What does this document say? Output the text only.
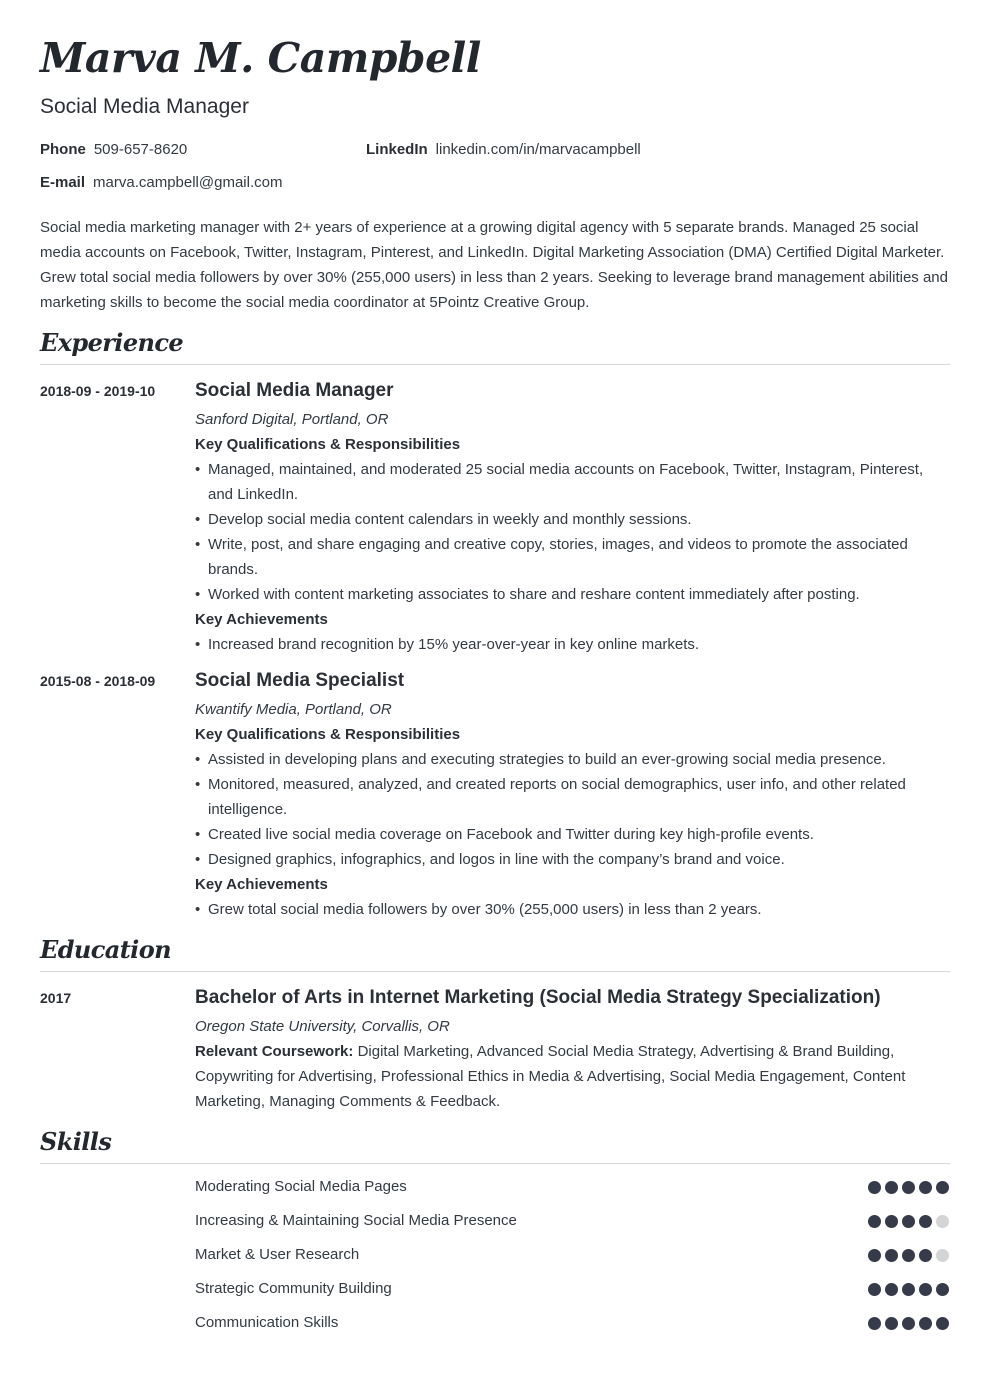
Marva M. Campbell
Social Media Manager
Phone 509-657-8620	LinkedIn linkedin.com/in/marvacampbell
E-mail marva.campbell@gmail.com
Social media marketing manager with 2+ years of experience at a growing digital agency with 5 separate brands. Managed 25 social media accounts on Facebook, Twitter, Instagram, Pinterest, and LinkedIn. Digital Marketing Association (DMA) Certified Digital Marketer. Grew total social media followers by over 30% (255,000 users) in less than 2 years. Seeking to leverage brand management abilities and marketing skills to become the social media coordinator at 5Pointz Creative Group.
Experience
2018-09 - 2019-10 Social Media Manager
Sanford Digital, Portland, OR
Key Qualifications & Responsibilities
• Managed, maintained, and moderated 25 social media accounts on Facebook, Twitter, Instagram, Pinterest, and LinkedIn.
• Develop social media content calendars in weekly and monthly sessions.
• Write, post, and share engaging and creative copy, stories, images, and videos to promote the associated brands.
• Worked with content marketing associates to share and reshare content immediately after posting.
Key Achievements
• Increased brand recognition by 15% year-over-year in key online markets.
2015-08 - 2018-09 Social Media Specialist
Kwantify Media, Portland, OR
Key Qualifications & Responsibilities
• Assisted in developing plans and executing strategies to build an ever-growing social media presence.
• Monitored, measured, analyzed, and created reports on social demographics, user info, and other related intelligence.
• Created live social media coverage on Facebook and Twitter during key high-profile events.
• Designed graphics, infographics, and logos in line with the company’s brand and voice.
Key Achievements
• Grew total social media followers by over 30% (255,000 users) in less than 2 years.
Education
2017	Bachelor of Arts in Internet Marketing (Social Media Strategy Specialization)
Oregon State University, Corvallis, OR
Relevant Coursework: Digital Marketing, Advanced Social Media Strategy, Advertising & Brand Building, Copywriting for Advertising, Professional Ethics in Media & Advertising, Social Media Engagement, Content Marketing, Managing Comments & Feedback.
Skills
Moderating Social Media Pages
Increasing & Maintaining Social Media Presence
Market & User Research
Strategic Community Building
Communication Skills
